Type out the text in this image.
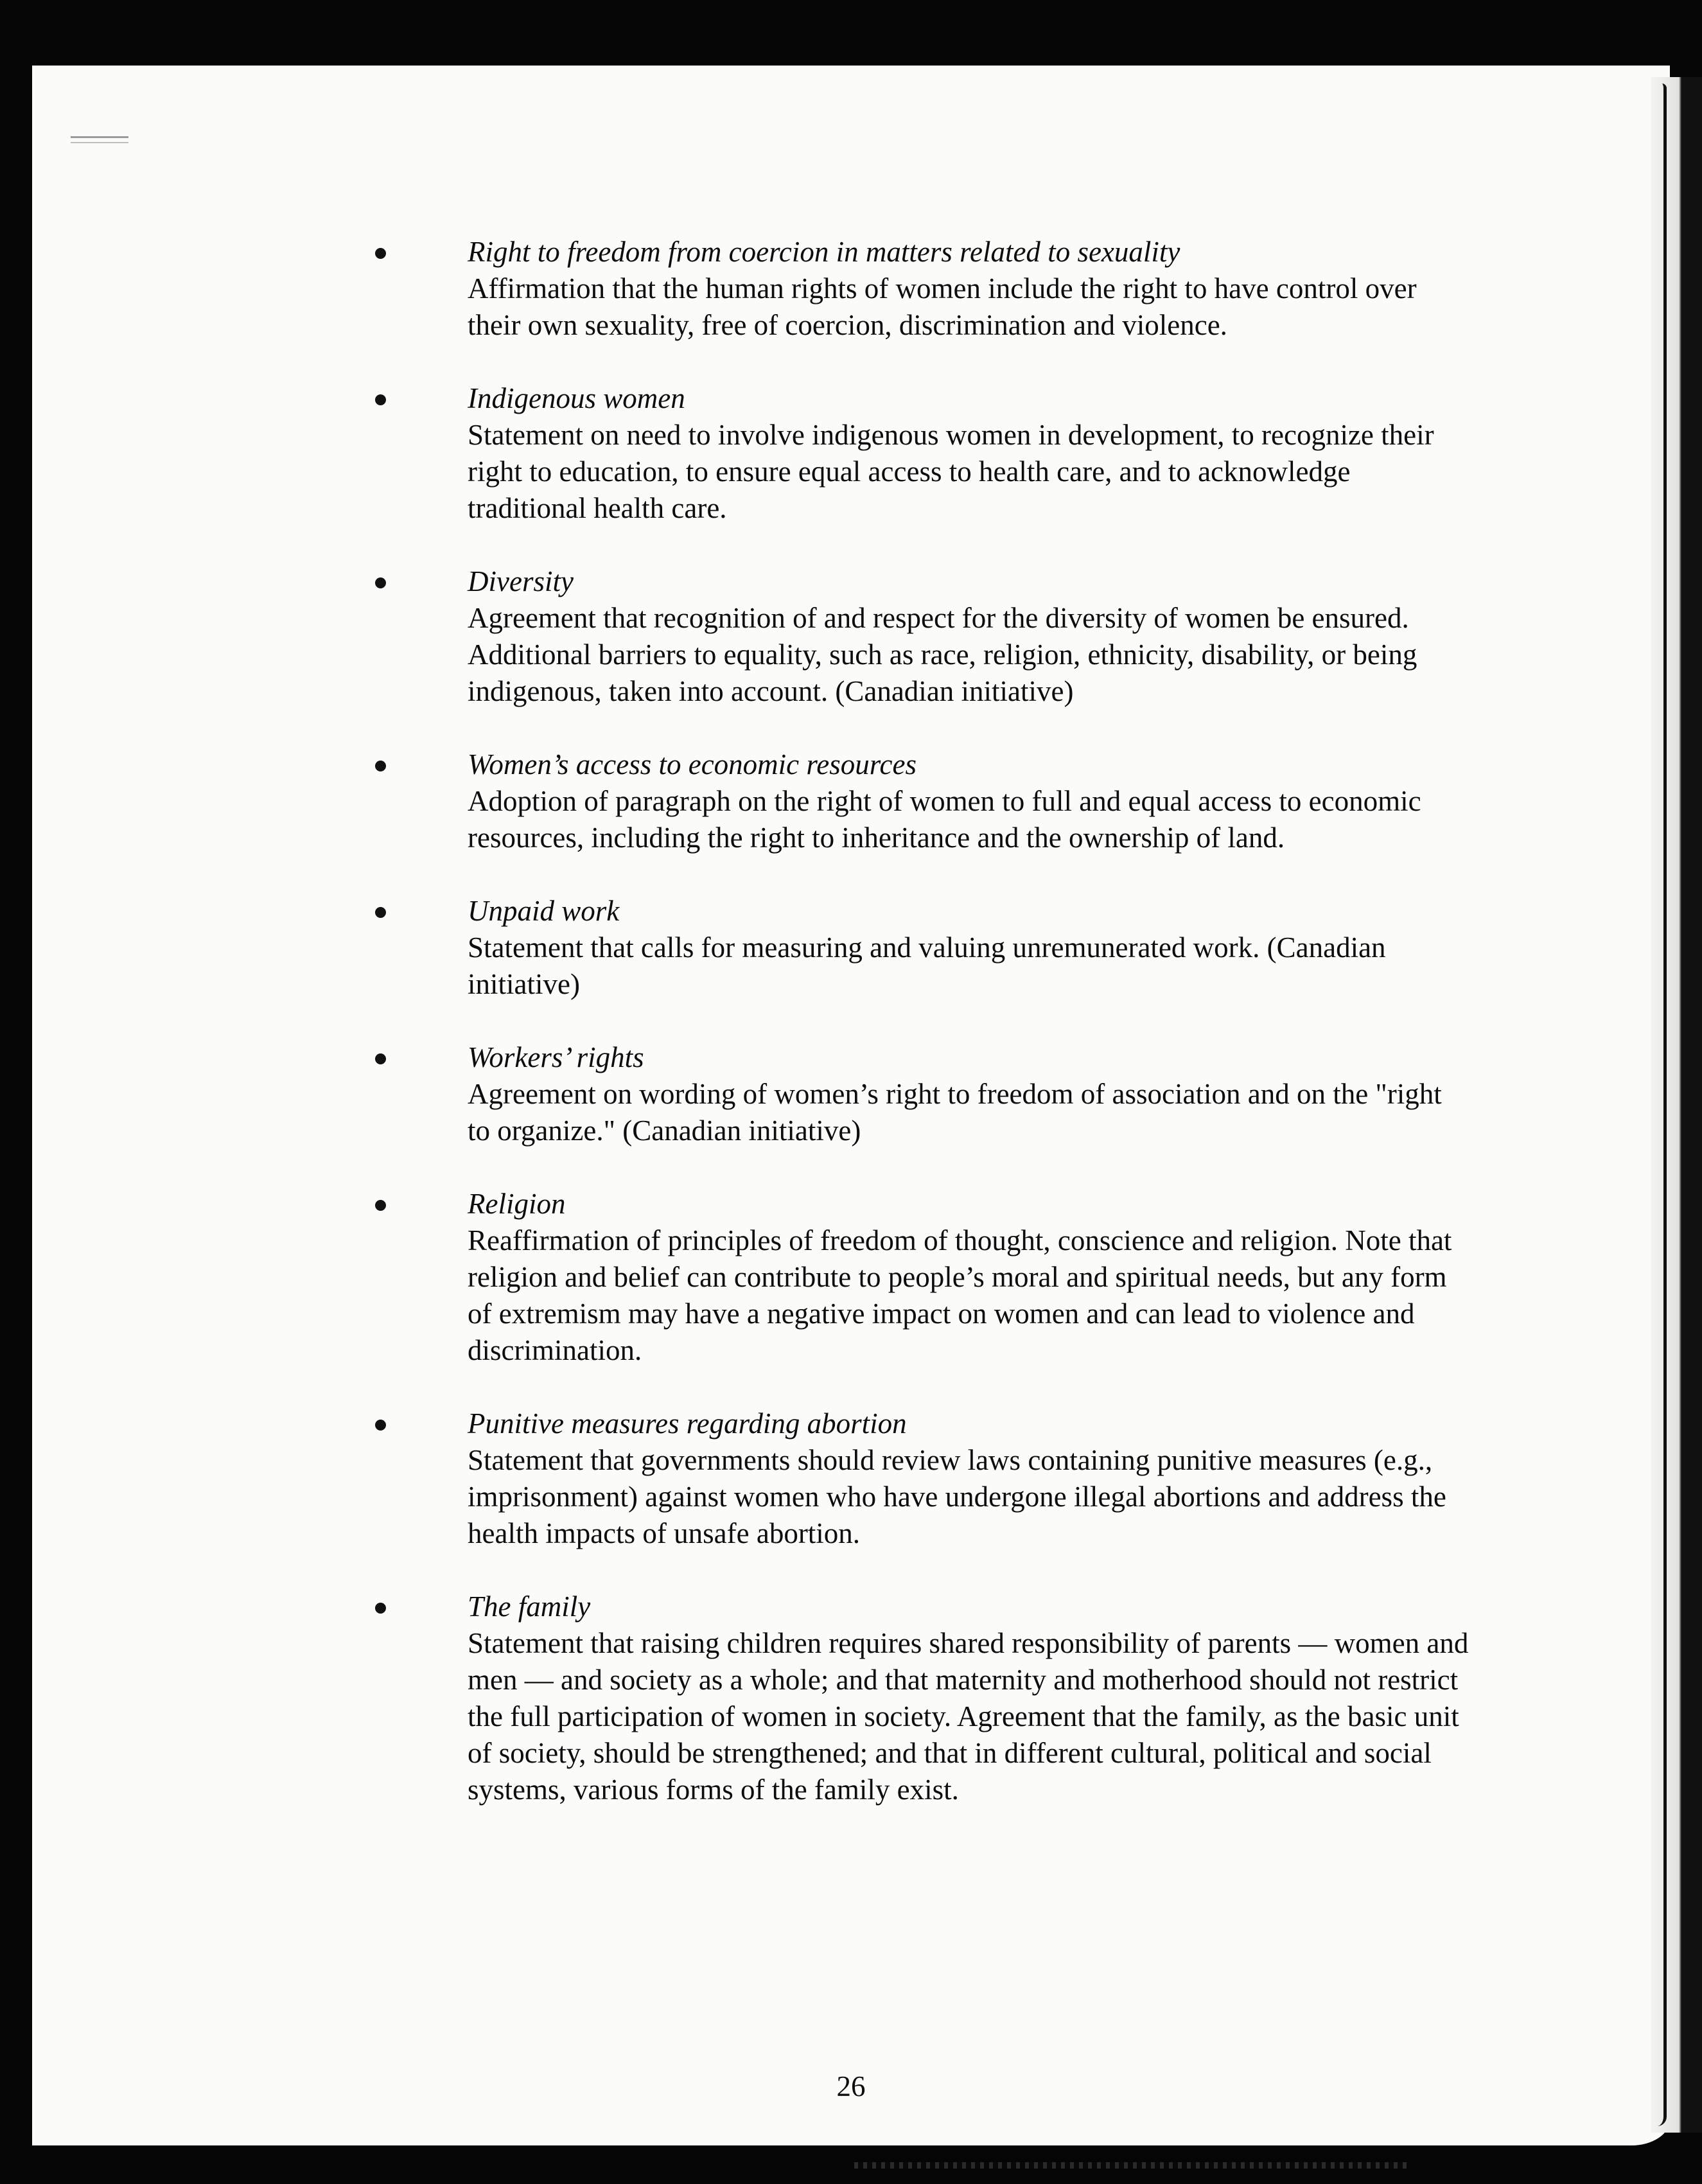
Right to freedom from coercion in matters related to sexuality
Affirmation that the human rights of women include the right to have control over their own sexuality, free of coercion, discrimination and violence.
Indigenous women
Statement on need to involve indigenous women in development, to recognize their right to education, to ensure equal access to health care, and to acknowledge traditional health care.
Diversity
Agreement that recognition of and respect for the diversity of women be ensured. Additional barriers to equality, such as race, religion, ethnicity, disability, or being indigenous, taken into account. (Canadian initiative)
Women’s access to economic resources
Adoption of paragraph on the right of women to full and equal access to economic resources, including the right to inheritance and the ownership of land.
Unpaid work
Statement that calls for measuring and valuing unremunerated work. (Canadian initiative)
Workers’ rights
Agreement on wording of women’s right to freedom of association and on the "right to organize." (Canadian initiative)
Religion
Reaffirmation of principles of freedom of thought, conscience and religion. Note that religion and belief can contribute to people’s moral and spiritual needs, but any form of extremism may have a negative impact on women and can lead to violence and discrimination.
Punitive measures regarding abortion
Statement that governments should review laws containing punitive measures (e.g., imprisonment) against women who have undergone illegal abortions and address the health impacts of unsafe abortion.
The family
Statement that raising children requires shared responsibility of parents — women and men — and society as a whole; and that maternity and motherhood should not restrict the full participation of women in society. Agreement that the family, as the basic unit of society, should be strengthened; and that in different cultural, political and social systems, various forms of the family exist.
26
